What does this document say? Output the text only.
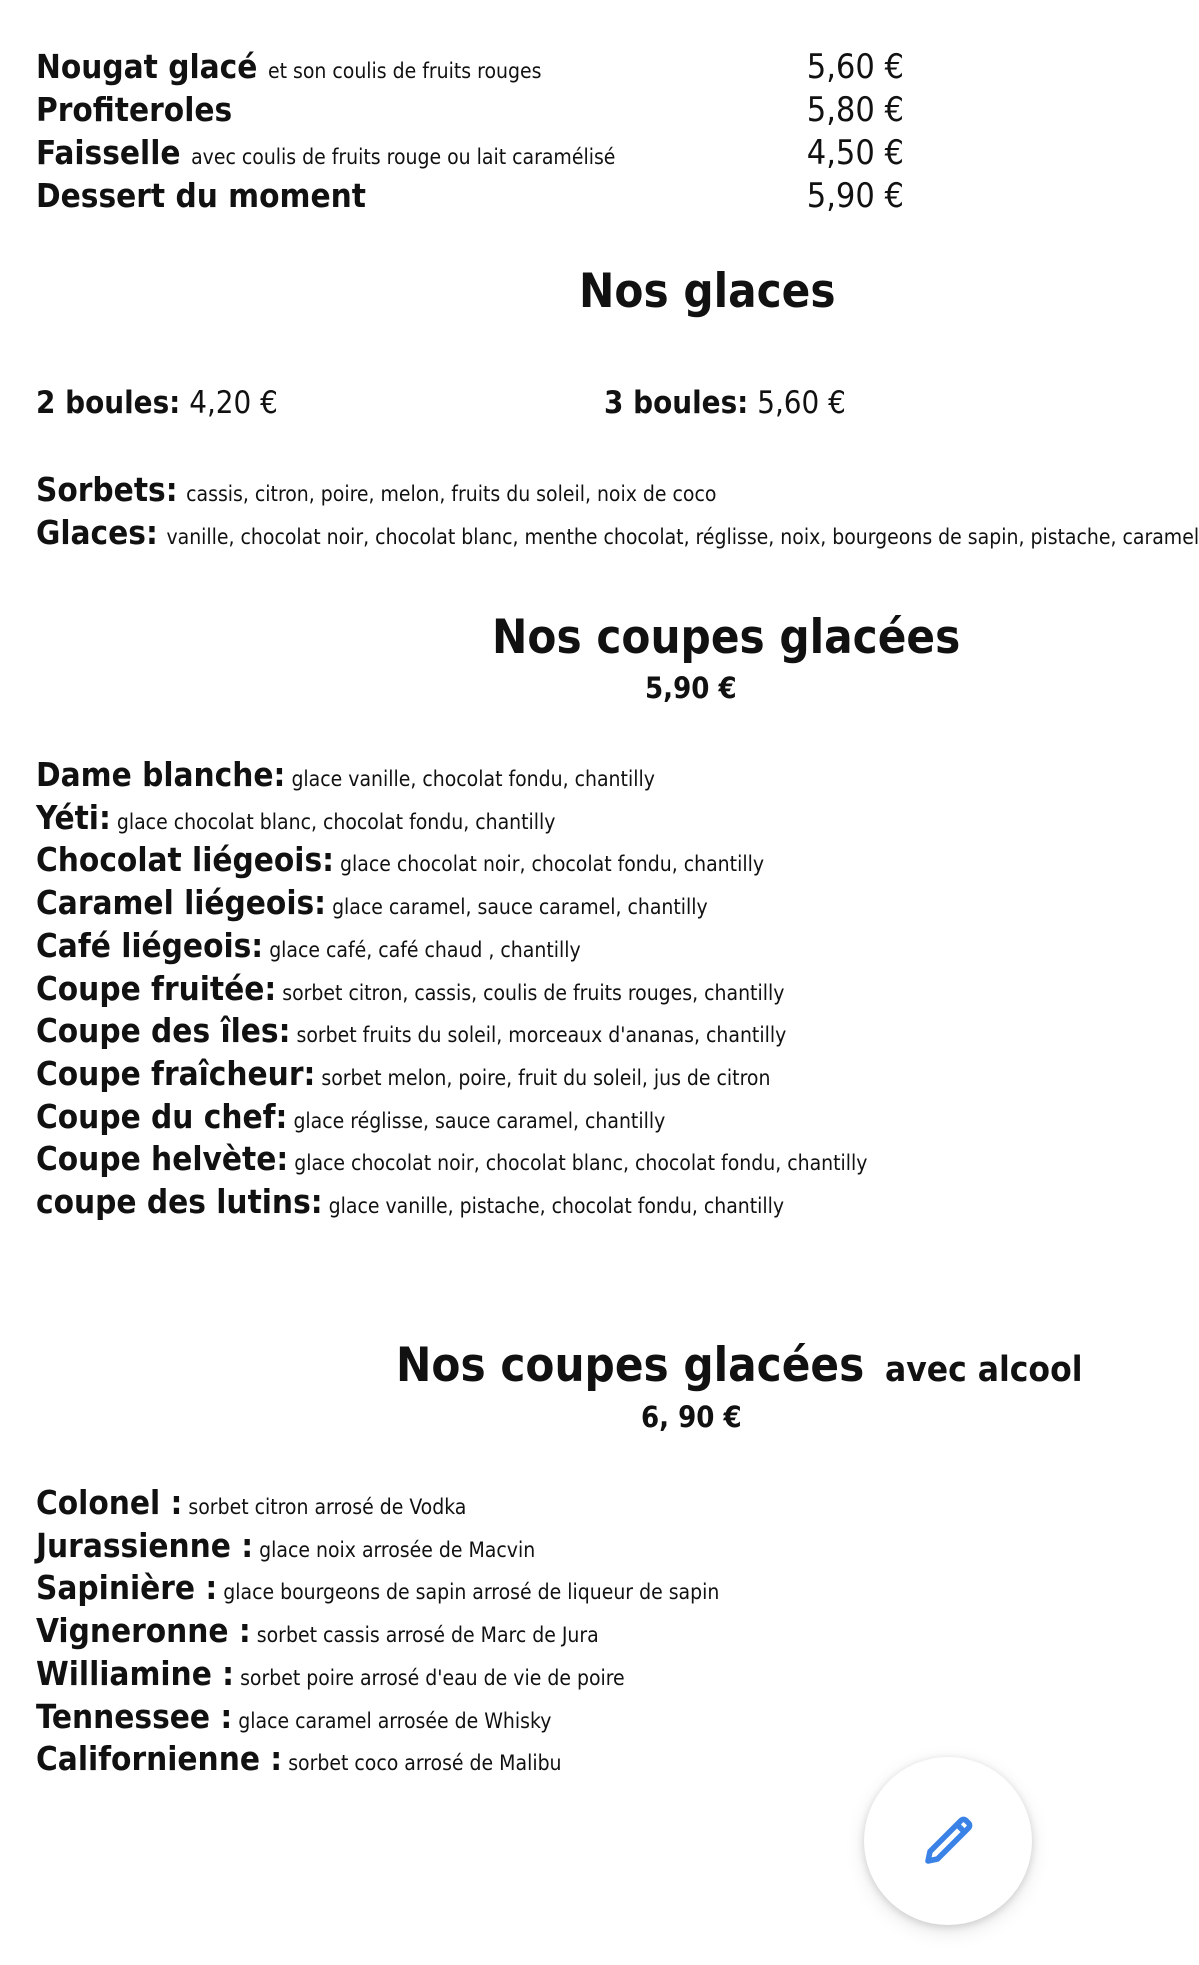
Nougat glacé et son coulis de fruits rouges	5,60 €
Profiteroles	5,80 €
Faisselle avec coulis de fruits rouge ou lait caramélisé	4,50 €
Dessert du moment	5,90 €
Nos glaces
2 boules: 4,20 €	3 boules: 5,60 €
Sorbets: cassis, citron, poire, melon, fruits du soleil, noix de coco
Glaces: vanille, chocolat noir, chocolat blanc, menthe chocolat, réglisse, noix, bourgeons de sapin, pistache, caramel
Nos coupes glacées
5,90 €
Dame blanche: glace vanille, chocolat fondu, chantilly
Yéti: glace chocolat blanc, chocolat fondu, chantilly
Chocolat liégeois: glace chocolat noir, chocolat fondu, chantilly
Caramel liégeois: glace caramel, sauce caramel, chantilly
Café liégeois: glace café, café chaud , chantilly
Coupe fruitée: sorbet citron, cassis, coulis de fruits rouges, chantilly
Coupe des îles: sorbet fruits du soleil, morceaux d'ananas, chantilly
Coupe fraîcheur: sorbet melon, poire, fruit du soleil, jus de citron
Coupe du chef: glace réglisse, sauce caramel, chantilly
Coupe helvète: glace chocolat noir, chocolat blanc, chocolat fondu, chantilly
coupe des lutins: glace vanille, pistache, chocolat fondu, chantilly
Nos coupes glacées avec alcool
6, 90 €
Colonel : sorbet citron arrosé de Vodka
Jurassienne : glace noix arrosée de Macvin
Sapinière : glace bourgeons de sapin arrosé de liqueur de sapin
Vigneronne : sorbet cassis arrosé de Marc de Jura
Williamine : sorbet poire arrosé d'eau de vie de poire
Tennessee : glace caramel arrosée de Whisky
Californienne : sorbet coco arrosé de Malibu
